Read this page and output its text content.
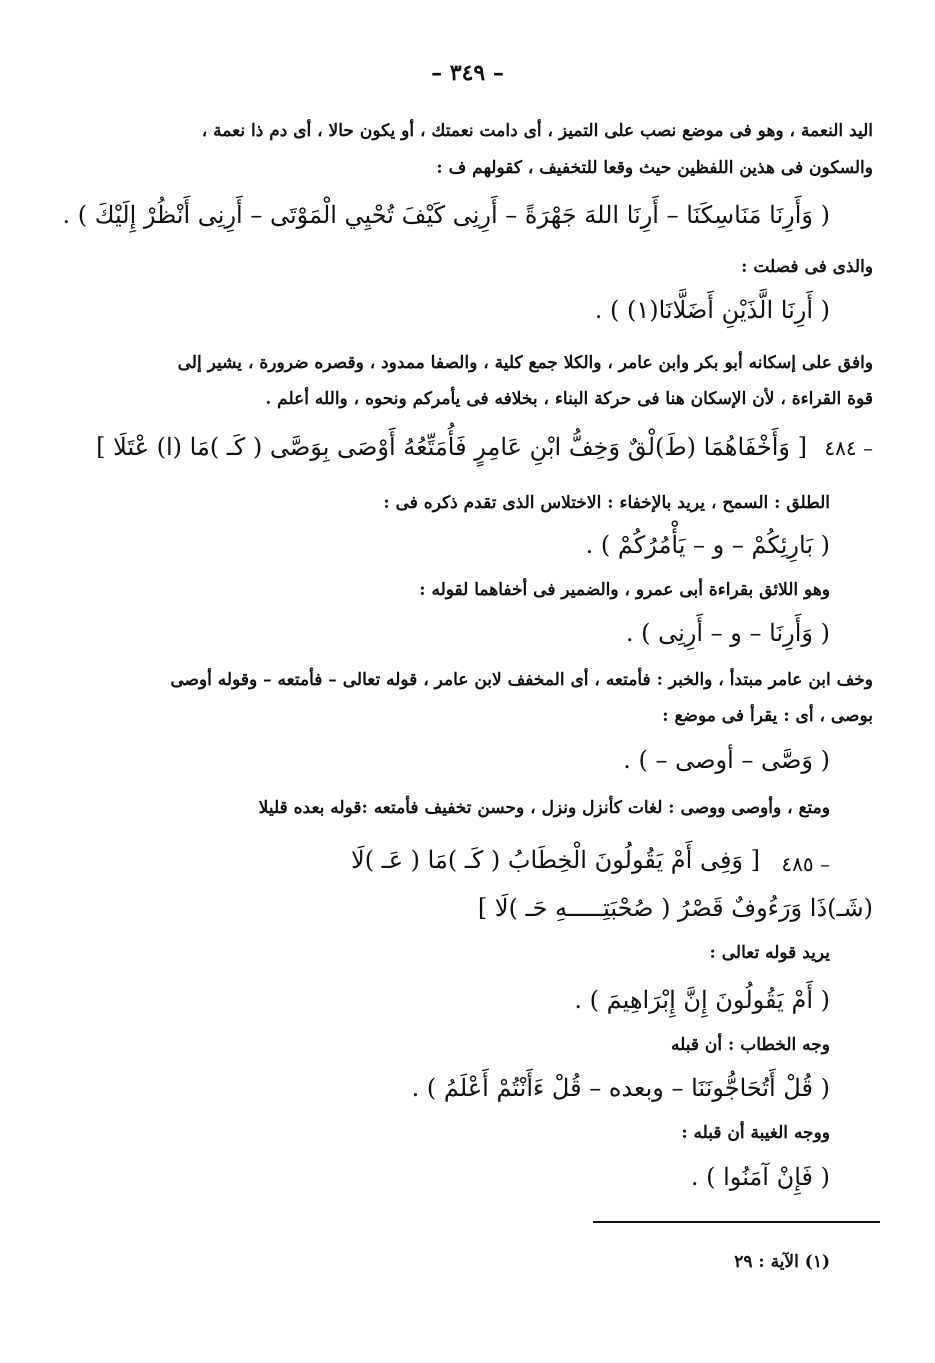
– ٣٤٩ –
اليد النعمة ، وهو فى موضع نصب على التميز ، أى دامت نعمتك ، أو يكون حالا ، أى دم ذا نعمة ،
والسكون فى هذين اللفظين حيث وقعا للتخفيف ، كقولهم ف :
( وَأَرِنَا مَنَاسِكَنَا – أَرِنَا اللهَ جَهْرَةً – أَرِنِى كَيْفَ تُحْيِي الْمَوْتَى – أَرِنِى أَنْظُرْ إِلَيْكَ ) .
والذى فى فصلت :
( أَرِنَا الَّذَيْنِ أَضَلَّانَا(١) ) .
وافق على إسكانه أبو بكر وابن عامر ، والكلا جمع كلية ، والصفا ممدود ، وقصره ضرورة ، يشير إلى
قوة القراءة ، لأن الإسكان هنا فى حركة البناء ، بخلافه فى يأمركم ونحوه ، والله أعلم .
٤٨٤ –
[ وَأَخْفَاهُمَا (طَ)لْقٌ وَخِفُّ ابْنِ عَامِرٍ فَأُمَتِّعُهُ أَوْصَى بِوَصَّى ( كَـ )مَا (ا) عْتَلَا ]
الطلق : السمح ، يريد بالإخفاء : الاختلاس الذى تقدم ذكره فى :
( بَارِئِكُمْ – و – يَأْمُرُكُمْ ) .
وهو اللائق بقراءة أبى عمرو ، والضمير فى أخفاهما لقوله :
( وَأَرِنَا – و – أَرِنِى ) .
وخف ابن عامر مبتدأ ، والخبر : فأمتعه ، أى المخفف لابن عامر ، قوله تعالى – فأمتعه – وقوله أوصى
بوصى ، أى : يقرأ فى موضع :
( وَصَّى – أوصى – ) .
ومتع ، وأوصى ووصى : لغات كأنزل ونزل ، وحسن تخفيف فأمتعه :قوله بعده قليلا
٤٨٥ –
[ وَفِى أَمْ يَقُولُونَ الْخِطَابُ ( كَـ )مَا ( عَـ )لَا
(شَـ)ذَا وَرَءُوفٌ قَصْرُ ( صُحْبَتِـــــهِ حَـ )لَا ]
يريد قوله تعالى :
( أَمْ يَقُولُونَ إِنَّ إِبْرَاهِيمَ ) .
وجه الخطاب : أن قبله
( قُلْ أَتُحَاجُّونَنَا – وبعده – قُلْ ءَأَنْتُمْ أَعْلَمُ ) .
ووجه الغيبة أن قبله :
( فَإِنْ آمَنُوا ) .
(١) الآية : ٢٩
